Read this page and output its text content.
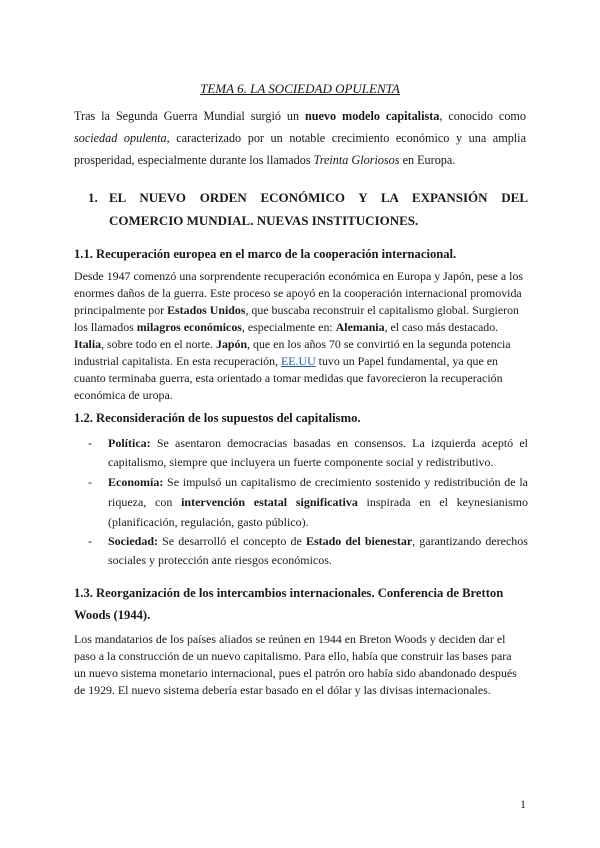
TEMA 6. LA SOCIEDAD OPULENTA

Tras la Segunda Guerra Mundial surgió un nuevo modelo capitalista, conocido como sociedad opulenta, caracterizado por un notable crecimiento económico y una amplia prosperidad, especialmente durante los llamados Treinta Gloriosos en Europa.

1. EL NUEVO ORDEN ECONÓMICO Y LA EXPANSIÓN DEL COMERCIO MUNDIAL. NUEVAS INSTITUCIONES.

1.1. Recuperación europea en el marco de la cooperación internacional.

Desde 1947 comenzó una sorprendente recuperación económica en Europa y Japón, pese a los enormes daños de la guerra. Este proceso se apoyó en la cooperación internacional promovida principalmente por Estados Unidos, que buscaba reconstruir el capitalismo global. Surgieron los llamados milagros económicos, especialmente en: Alemania, el caso más destacado. Italia, sobre todo en el norte. Japón, que en los años 70 se convirtió en la segunda potencia industrial capitalista. En esta recuperación, EE.UU tuvo un Papel fundamental, ya que en cuanto terminaba guerra, esta orientado a tomar medidas que favorecieron la recuperación económica de uropa.

1.2. Reconsideración de los supuestos del capitalismo.

- Política: Se asentaron democracias basadas en consensos. La izquierda aceptó el capitalismo, siempre que incluyera un fuerte componente social y redistributivo.
- Economía: Se impulsó un capitalismo de crecimiento sostenido y redistribución de la riqueza, con intervención estatal significativa inspirada en el keynesianismo (planificación, regulación, gasto público).
- Sociedad: Se desarrolló el concepto de Estado del bienestar, garantizando derechos sociales y protección ante riesgos económicos.

1.3. Reorganización de los intercambios internacionales. Conferencia de Bretton Woods (1944).

Los mandatarios de los países aliados se reúnen en 1944 en Breton Woods y deciden dar el paso a la construcción de un nuevo capitalismo. Para ello, había que construir las bases para un nuevo sistema monetario internacional, pues el patrón oro había sido abandonado después de 1929. El nuevo sistema debería estar basado en el dólar y las divisas internacionales.

1
